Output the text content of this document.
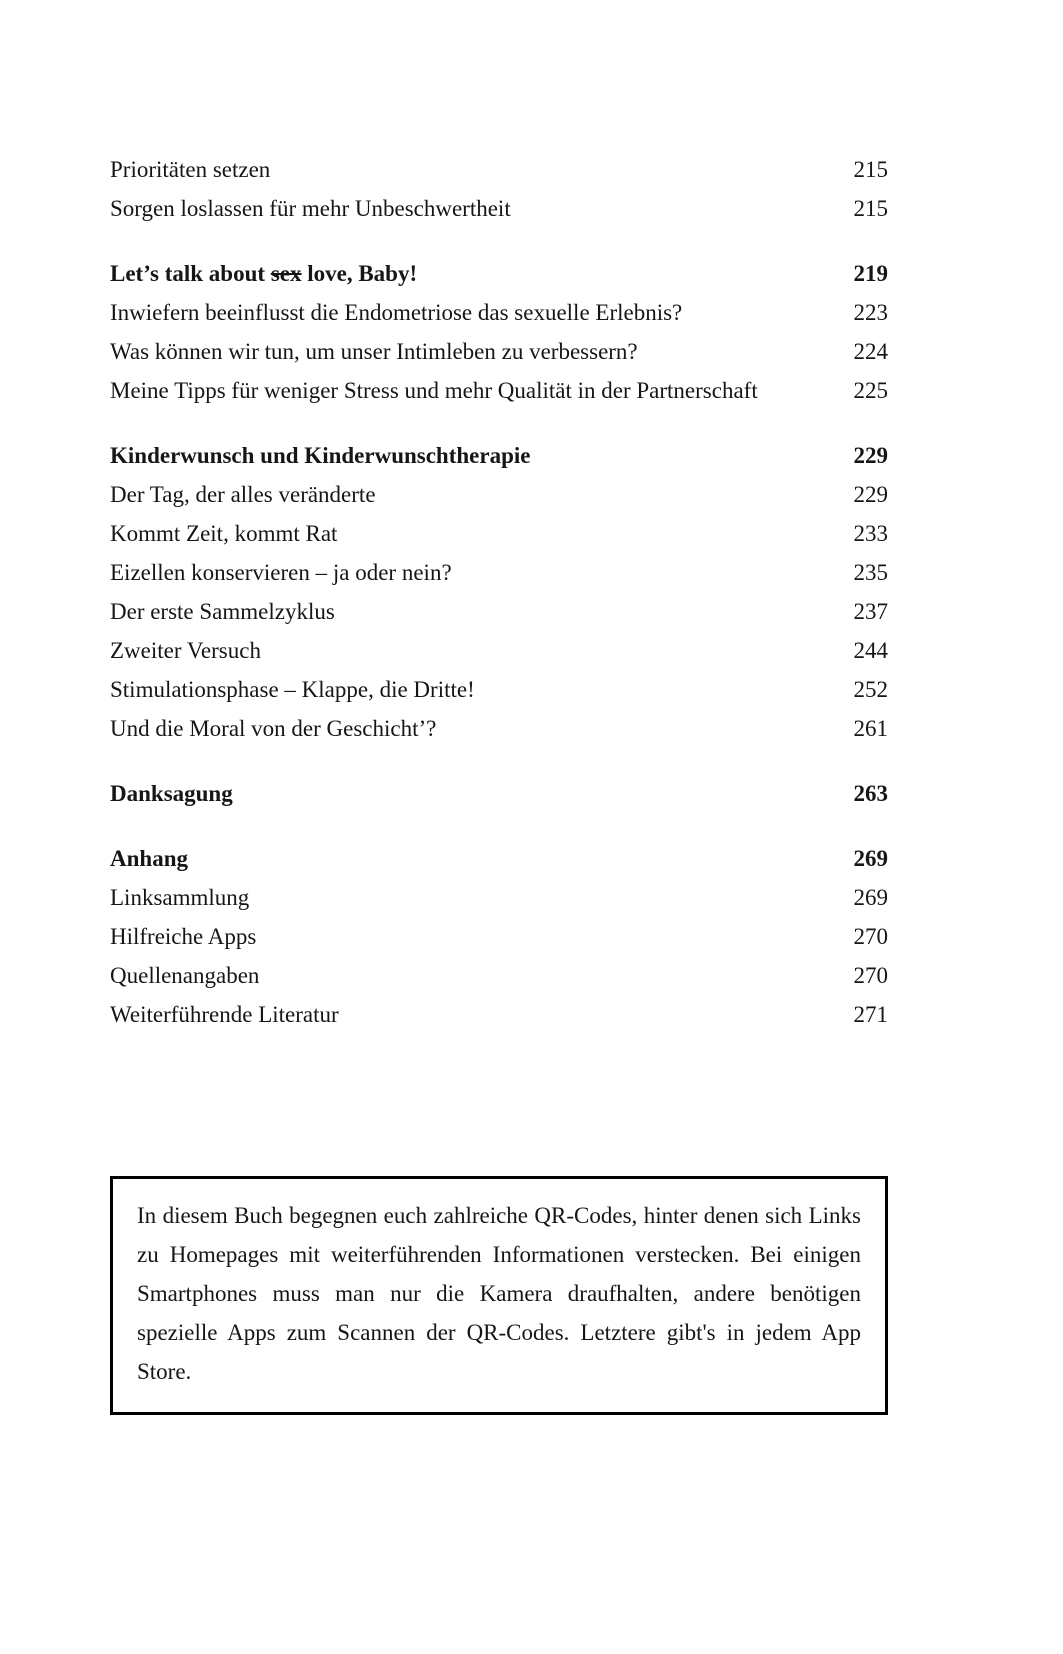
Prioritäten setzen	215
Sorgen loslassen für mehr Unbeschwertheit	215
Let’s talk about sex love, Baby!	219
Inwiefern beeinflusst die Endometriose das sexuelle Erlebnis?	223
Was können wir tun, um unser Intimleben zu verbessern?	224
Meine Tipps für weniger Stress und mehr Qualität in der Partnerschaft	225
Kinderwunsch und Kinderwunschtherapie	229
Der Tag, der alles veränderte	229
Kommt Zeit, kommt Rat	233
Eizellen konservieren – ja oder nein?	235
Der erste Sammelzyklus	237
Zweiter Versuch	244
Stimulationsphase – Klappe, die Dritte!	252
Und die Moral von der Geschicht’?	261
Danksagung	263
Anhang	269
Linksammlung	269
Hilfreiche Apps	270
Quellenangaben	270
Weiterführende Literatur	271
In diesem Buch begegnen euch zahlreiche QR-Codes, hinter denen sich Links zu Homepages mit weiterführenden Informationen verstecken. Bei einigen Smartphones muss man nur die Kamera draufhalten, andere benötigen spezielle Apps zum Scannen der QR-Codes. Letztere gibt's in jedem App Store.
